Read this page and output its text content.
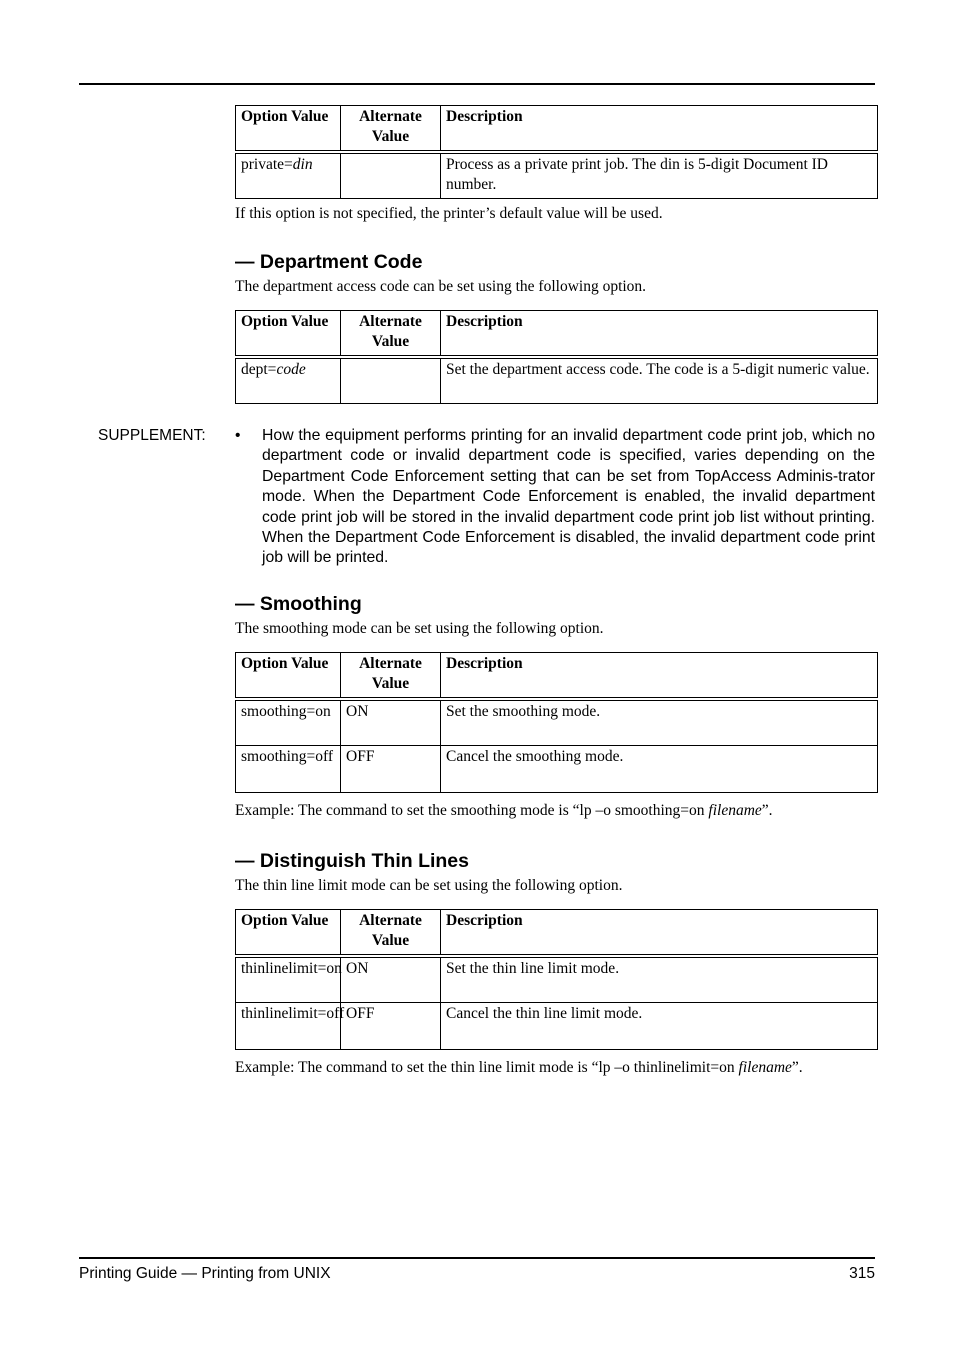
Option Value	Alternate Value	Description
private=din		Process as a private print job. The din is 5-digit Document ID number.
If this option is not specified, the printer’s default value will be used.
— Department Code
The department access code can be set using the following option.
Option Value	Alternate Value	Description
dept=code		Set the department access code. The code is a 5-digit numeric value.
SUPPLEMENT: • How the equipment performs printing for an invalid department code print job, which no department code or invalid department code is specified, varies depending on the Department Code Enforcement setting that can be set from TopAccess Adminis-trator mode. When the Department Code Enforcement is enabled, the invalid department code print job will be stored in the invalid department code print job list without printing. When the Department Code Enforcement is disabled, the invalid department code print job will be printed.
— Smoothing
The smoothing mode can be set using the following option.
Option Value	Alternate Value	Description
smoothing=on	ON	Set the smoothing mode.
smoothing=off	OFF	Cancel the smoothing mode.
Example: The command to set the smoothing mode is “lp –o smoothing=on filename”.
— Distinguish Thin Lines
The thin line limit mode can be set using the following option.
Option Value	Alternate Value	Description
thinlinelimit=on	ON	Set the thin line limit mode.
thinlinelimit=off	OFF	Cancel the thin line limit mode.
Example: The command to set the thin line limit mode is “lp –o thinlinelimit=on filename”.
Printing Guide — Printing from UNIX	315
